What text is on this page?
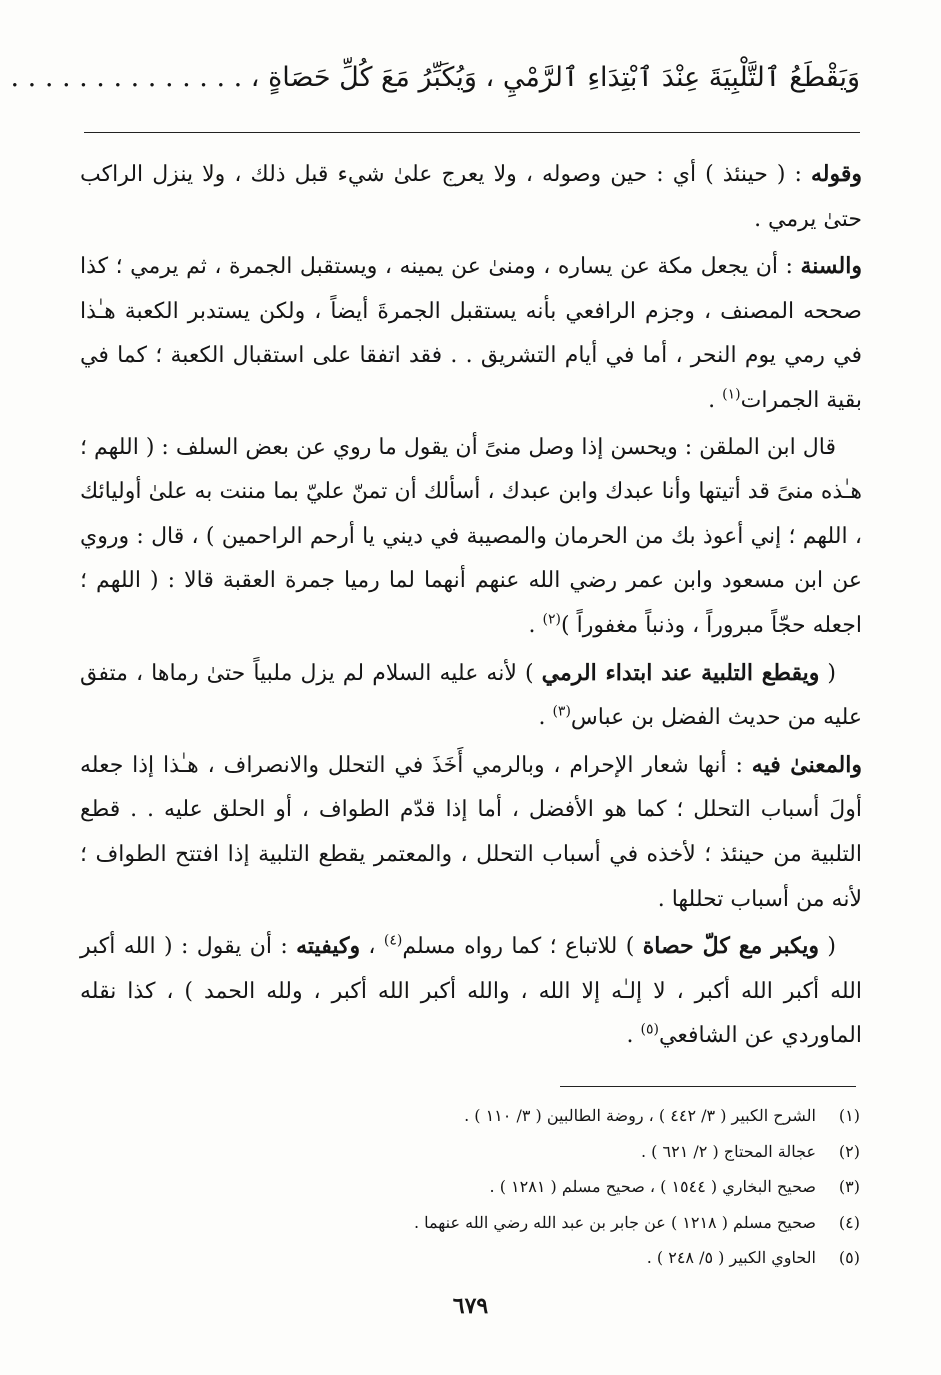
وَيَقْطَعُ ٱلتَّلْبِيَةَ عِنْدَ ٱبْتِدَاءِ ٱلرَّمْيِ ، وَيُكَبِّرُ مَعَ كُلِّ حَصَاةٍ ، . . . . . . . . . . . . . .

وقوله : ( حينئذ ) أي : حين وصوله ، ولا يعرج علىٰ شيء قبل ذلك ، ولا ينزل الراكب حتىٰ يرمي .

والسنة : أن يجعل مكة عن يساره ، ومنىٰ عن يمينه ، ويستقبل الجمرة ، ثم يرمي ؛ كذا صححه المصنف ، وجزم الرافعي بأنه يستقبل الجمرةَ أيضاً ، ولكن يستدبر الكعبة هـٰذا في رمي يوم النحر ، أما في أيام التشريق . . فقد اتفقا على استقبال الكعبة ؛ كما في بقية الجمرات$^{(١)}$ .

قال ابن الملقن : ويحسن إذا وصل منىً أن يقول ما روي عن بعض السلف : ( اللهم ؛ هـٰذه منىً قد أتيتها وأنا عبدك وابن عبدك ، أسألك أن تمنّ عليّ بما مننت به علىٰ أوليائك ، اللهم ؛ إني أعوذ بك من الحرمان والمصيبة في ديني يا أرحم الراحمين ) ، قال : وروي عن ابن مسعود وابن عمر رضي الله عنهم أنهما لما رميا جمرة العقبة قالا : ( اللهم ؛ اجعله حجّاً مبروراً ، وذنباً مغفوراً )$^{(٢)}$ .

( ويقطع التلبية عند ابتداء الرمي ) لأنه عليه السلام لم يزل ملبياً حتىٰ رماها ، متفق عليه من حديث الفضل بن عباس$^{(٣)}$ .

والمعنىٰ فيه : أنها شعار الإحرام ، وبالرمي أَخَذَ في التحلل والانصراف ، هـٰذا إذا جعله أولَ أسباب التحلل ؛ كما هو الأفضل ، أما إذا قدّم الطواف ، أو الحلق عليه . . قطع التلبية من حينئذ ؛ لأخذه في أسباب التحلل ، والمعتمر يقطع التلبية إذا افتتح الطواف ؛ لأنه من أسباب تحللها .

( ويكبر مع كلّ حصاة ) للاتباع ؛ كما رواه مسلم$^{(٤)}$ ، وكيفيته : أن يقول : ( الله أكبر الله أكبر الله أكبر ، لا إلـٰه إلا الله ، والله أكبر الله أكبر ، ولله الحمد ) ، كذا نقله الماوردي عن الشافعي$^{(٥)}$ .

(١)الشرح الكبير ( ٣/ ٤٤٢ ) ، روضة الطالبين ( ٣/ ١١٠ ) .
(٢)عجالة المحتاج ( ٢/ ٦٢١ ) .
(٣)صحيح البخاري ( ١٥٤٤ ) ، صحيح مسلم ( ١٢٨١ ) .
(٤)صحيح مسلم ( ١٢١٨ ) عن جابر بن عبد الله رضي الله عنهما .
(٥)الحاوي الكبير ( ٥/ ٢٤٨ ) .
٦٧٩
